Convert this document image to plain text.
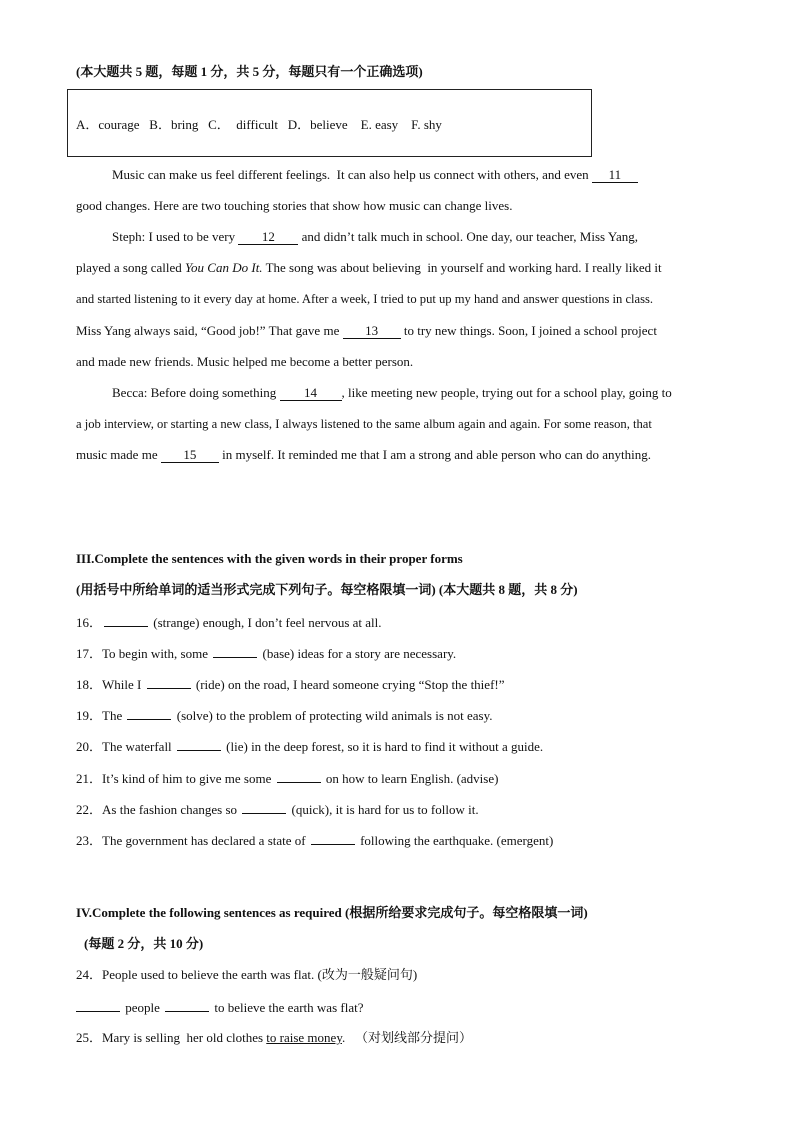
(本大题共 5 题，每题 1 分，共 5 分，每题只有一个正确选项)
A．courage   B．bring   C．  difficult   D．believe    E. easy    F. shy
Music can make us feel different feelings.  It can also help us connect with others, and even 11
good changes. Here are two touching stories that show how music can change lives.
Steph: I used to be very 12 and didn’t talk much in school. One day, our teacher, Miss Yang,
played a song called You Can Do It. The song was about believing  in yourself and working hard. I really liked it
and started listening to it every day at home. After a week, I tried to put up my hand and answer questions in class.
Miss Yang always said, “Good job!” That gave me 13 to try new things. Soon, I joined a school project
and made new friends. Music helped me become a better person.
Becca: Before doing something 14 , like meeting new people, trying out for a school play, going to
a job interview, or starting a new class, I always listened to the same album again and again. For some reason, that
music made me 15 in myself. It reminded me that I am a strong and able person who can do anything.
III.Complete the sentences with the given words in their proper forms
(用括号中所给单词的适当形式完成下列句子。每空格限填一词) (本大题共 8 题，共 8 分)
16．	(strange) enough, I don’t feel nervous at all.
17．To begin with, some	(base) ideas for a story are necessary.
18．While I	(ride) on the road, I heard someone crying “Stop the thief!”
19．The	(solve) to the problem of protecting wild animals is not easy.
20．The waterfall	(lie) in the deep forest, so it is hard to find it without a guide.
21．It’s kind of him to give me some	on how to learn English. (advise)
22．As the fashion changes so	(quick), it is hard for us to follow it.
23．The government has declared a state of	following the earthquake. (emergent)
IV.Complete the following sentences as required (根据所给要求完成句子。每空格限填一词)
(每题 2 分，共 10 分)
24．People used to believe the earth was flat. (改为一般疑问句)
people	to believe the earth was flat?
25．Mary is selling  her old clothes to raise money.   （对划线部分提问）
